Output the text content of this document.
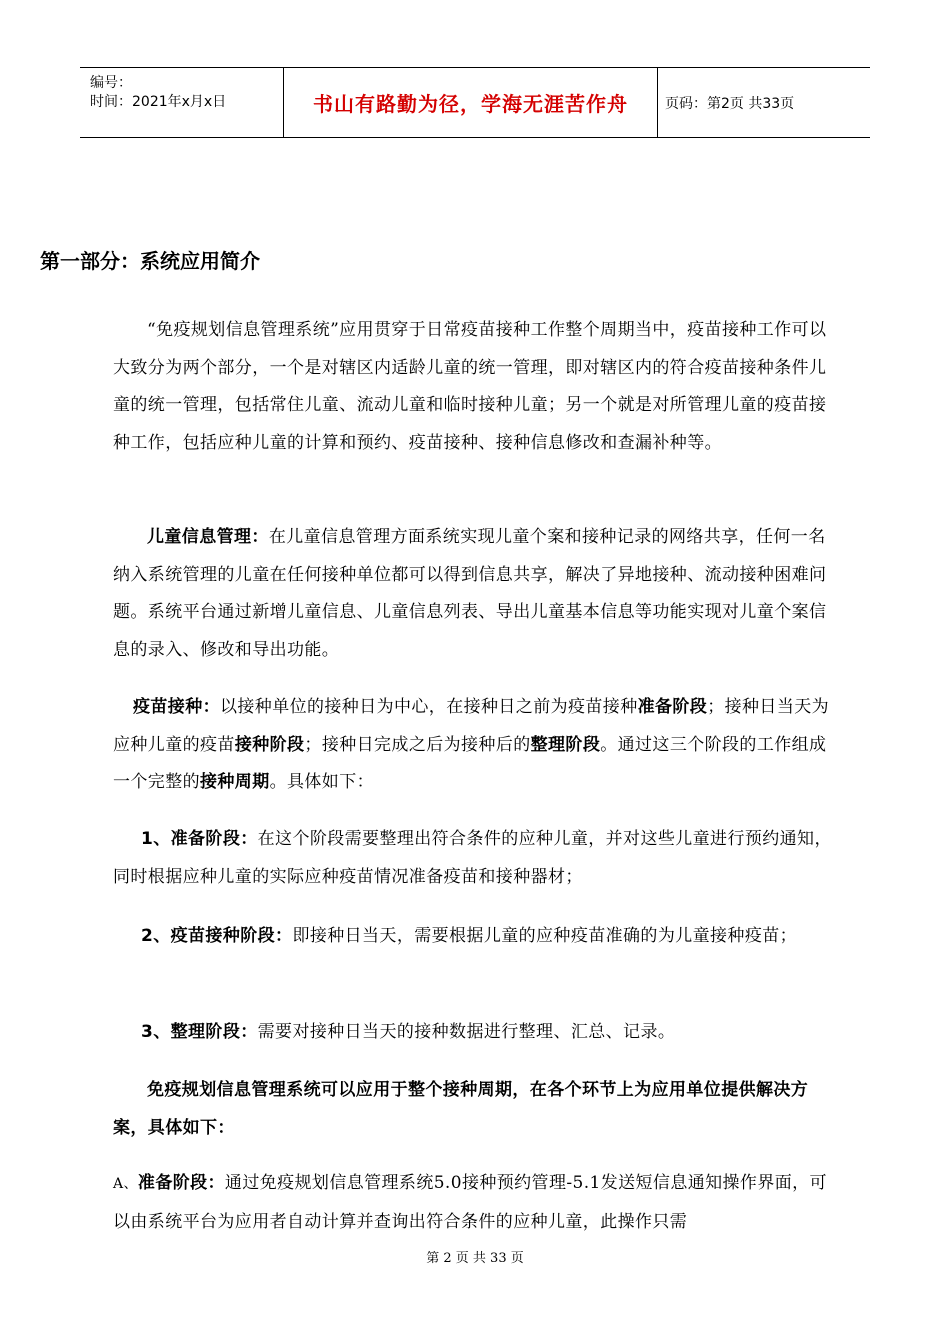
编号：
时间：2021年x月x日	书山有路勤为径，学海无涯苦作舟	页码：第2页 共33页
第一部分：系统应用简介
“免疫规划信息管理系统”应用贯穿于日常疫苗接种工作整个周期当中，疫苗接种工作可以大致分为两个部分，一个是对辖区内适龄儿童的统一管理，即对辖区内的符合疫苗接种条件儿童的统一管理，包括常住儿童、流动儿童和临时接种儿童；另一个就是对所管理儿童的疫苗接种工作，包括应种儿童的计算和预约、疫苗接种、接种信息修改和查漏补种等。
儿童信息管理：在儿童信息管理方面系统实现儿童个案和接种记录的网络共享，任何一名纳入系统管理的儿童在任何接种单位都可以得到信息共享，解决了异地接种、流动接种困难问题。系统平台通过新增儿童信息、儿童信息列表、导出儿童基本信息等功能实现对儿童个案信息的录入、修改和导出功能。
疫苗接种：以接种单位的接种日为中心，在接种日之前为疫苗接种准备阶段；接种日当天为应种儿童的疫苗接种阶段；接种日完成之后为接种后的整理阶段。通过这三个阶段的工作组成一个完整的接种周期。具体如下：
1、准备阶段：在这个阶段需要整理出符合条件的应种儿童，并对这些儿童进行预约通知，同时根据应种儿童的实际应种疫苗情况准备疫苗和接种器材；
2、疫苗接种阶段：即接种日当天，需要根据儿童的应种疫苗准确的为儿童接种疫苗；
3、整理阶段：需要对接种日当天的接种数据进行整理、汇总、记录。
免疫规划信息管理系统可以应用于整个接种周期，在各个环节上为应用单位提供解决方案，具体如下：
A、准备阶段：通过免疫规划信息管理系统5.0接种预约管理-5.1发送短信息通知操作界面，可以由系统平台为应用者自动计算并查询出符合条件的应种儿童，此操作只需
第 2 页 共 33 页
